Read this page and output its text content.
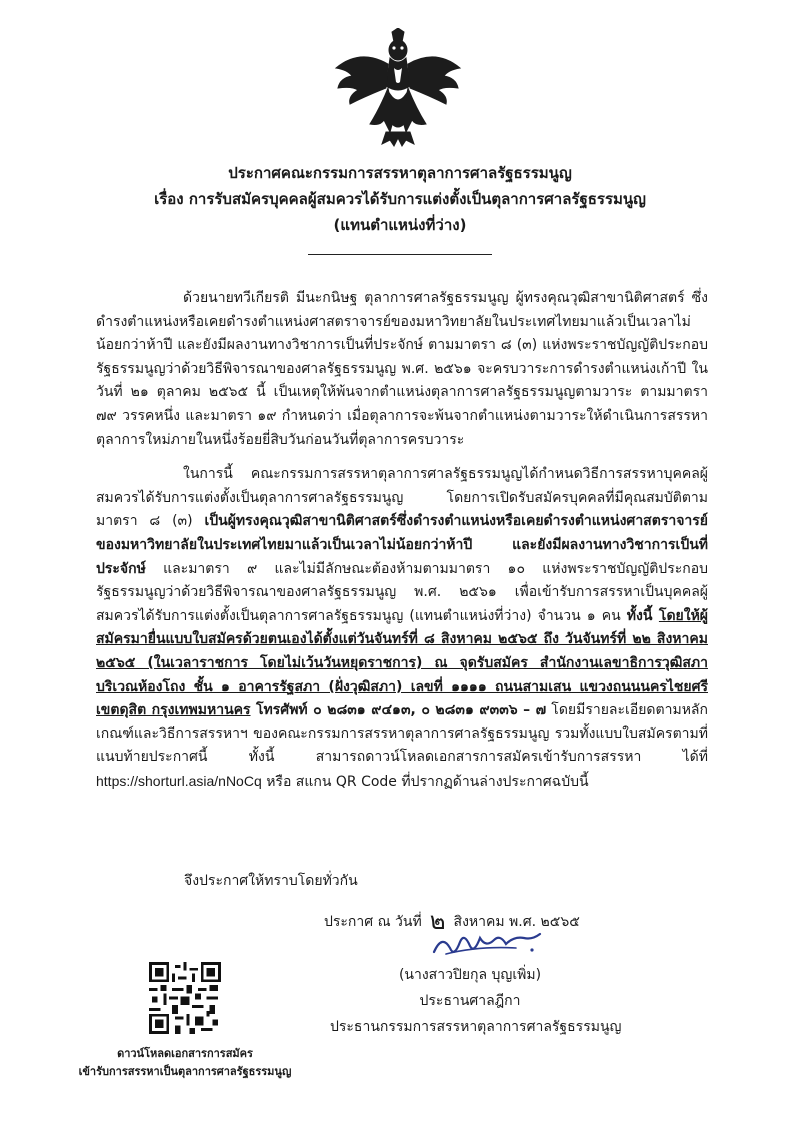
ประกาศคณะกรรมการสรรหาตุลาการศาลรัฐธรรมนูญ
เรื่อง การรับสมัครบุคคลผู้สมควรได้รับการแต่งตั้งเป็นตุลาการศาลรัฐธรรมนูญ
(แทนตำแหน่งที่ว่าง)

ด้วยนายทวีเกียรติ มีนะกนิษฐ ตุลาการศาลรัฐธรรมนูญ ผู้ทรงคุณวุฒิสาขานิติศาสตร์ ซึ่งดำรงตำแหน่งหรือเคยดำรงตำแหน่งศาสตราจารย์ของมหาวิทยาลัยในประเทศไทยมาแล้วเป็นเวลาไม่น้อยกว่าห้าปี และยังมีผลงานทางวิชาการเป็นที่ประจักษ์ ตามมาตรา ๘ (๓) แห่งพระราชบัญญัติประกอบรัฐธรรมนูญว่าด้วยวิธีพิจารณาของศาลรัฐธรรมนูญ พ.ศ. ๒๕๖๑ จะครบวาระการดำรงตำแหน่งเก้าปี ในวันที่ ๒๑ ตุลาคม ๒๕๖๕ นี้ เป็นเหตุให้พ้นจากตำแหน่งตุลาการศาลรัฐธรรมนูญตามวาระ ตามมาตรา ๗๙ วรรคหนึ่ง และมาตรา ๑๙ กำหนดว่า เมื่อตุลาการจะพ้นจากตำแหน่งตามวาระให้ดำเนินการสรรหาตุลาการใหม่ภายในหนึ่งร้อยยี่สิบวันก่อนวันที่ตุลาการครบวาระ

ในการนี้ คณะกรรมการสรรหาตุลาการศาลรัฐธรรมนูญได้กำหนดวิธีการสรรหาบุคคลผู้สมควรได้รับการแต่งตั้งเป็นตุลาการศาลรัฐธรรมนูญ โดยการเปิดรับสมัครบุคคลที่มีคุณสมบัติตามมาตรา ๘ (๓) เป็นผู้ทรงคุณวุฒิสาขานิติศาสตร์ซึ่งดำรงตำแหน่งหรือเคยดำรงตำแหน่งศาสตราจารย์ของมหาวิทยาลัยในประเทศไทยมาแล้วเป็นเวลาไม่น้อยกว่าห้าปี และยังมีผลงานทางวิชาการเป็นที่ประจักษ์ และมาตรา ๙ และไม่มีลักษณะต้องห้ามตามมาตรา ๑๐ แห่งพระราชบัญญัติประกอบรัฐธรรมนูญว่าด้วยวิธีพิจารณาของศาลรัฐธรรมนูญ พ.ศ. ๒๕๖๑ เพื่อเข้ารับการสรรหาเป็นบุคคลผู้สมควรได้รับการแต่งตั้งเป็นตุลาการศาลรัฐธรรมนูญ (แทนตำแหน่งที่ว่าง) จำนวน ๑ คน ทั้งนี้ โดยให้ผู้สมัครมายื่นแบบใบสมัครด้วยตนเองได้ตั้งแต่วันจันทร์ที่ ๘ สิงหาคม ๒๕๖๕ ถึง วันจันทร์ที่ ๒๒ สิงหาคม ๒๕๖๕ (ในเวลาราชการ โดยไม่เว้นวันหยุดราชการ) ณ จุดรับสมัคร สำนักงานเลขาธิการวุฒิสภา บริเวณห้องโถง ชั้น ๑ อาคารรัฐสภา (ฝั่งวุฒิสภา) เลขที่ ๑๑๑๑ ถนนสามเสน แขวงถนนนครไชยศรี เขตดุสิต กรุงเทพมหานคร โทรศัพท์ ๐ ๒๘๓๑ ๙๔๑๓, ๐ ๒๘๓๑ ๙๓๓๖ – ๗ โดยมีรายละเอียดตามหลักเกณฑ์และวิธีการสรรหาฯ ของคณะกรรมการสรรหาตุลาการศาลรัฐธรรมนูญ รวมทั้งแบบใบสมัครตามที่แนบท้ายประกาศนี้ ทั้งนี้ สามารถดาวน์โหลดเอกสารการสมัครเข้ารับการสรรหา ได้ที่ https://shorturl.asia/nNoCq หรือ สแกน QR Code ที่ปรากฏด้านล่างประกาศฉบับนี้

จึงประกาศให้ทราบโดยทั่วกัน
ประกาศ ณ วันที่ ๒ สิงหาคม พ.ศ. ๒๕๖๕
(นางสาวปิยกุล บุญเพิ่ม)
ประธานศาลฎีกา
ประธานกรรมการสรรหาตุลาการศาลรัฐธรรมนูญ
ดาวน์โหลดเอกสารการสมัคร
เข้ารับการสรรหาเป็นตุลาการศาลรัฐธรรมนูญ
